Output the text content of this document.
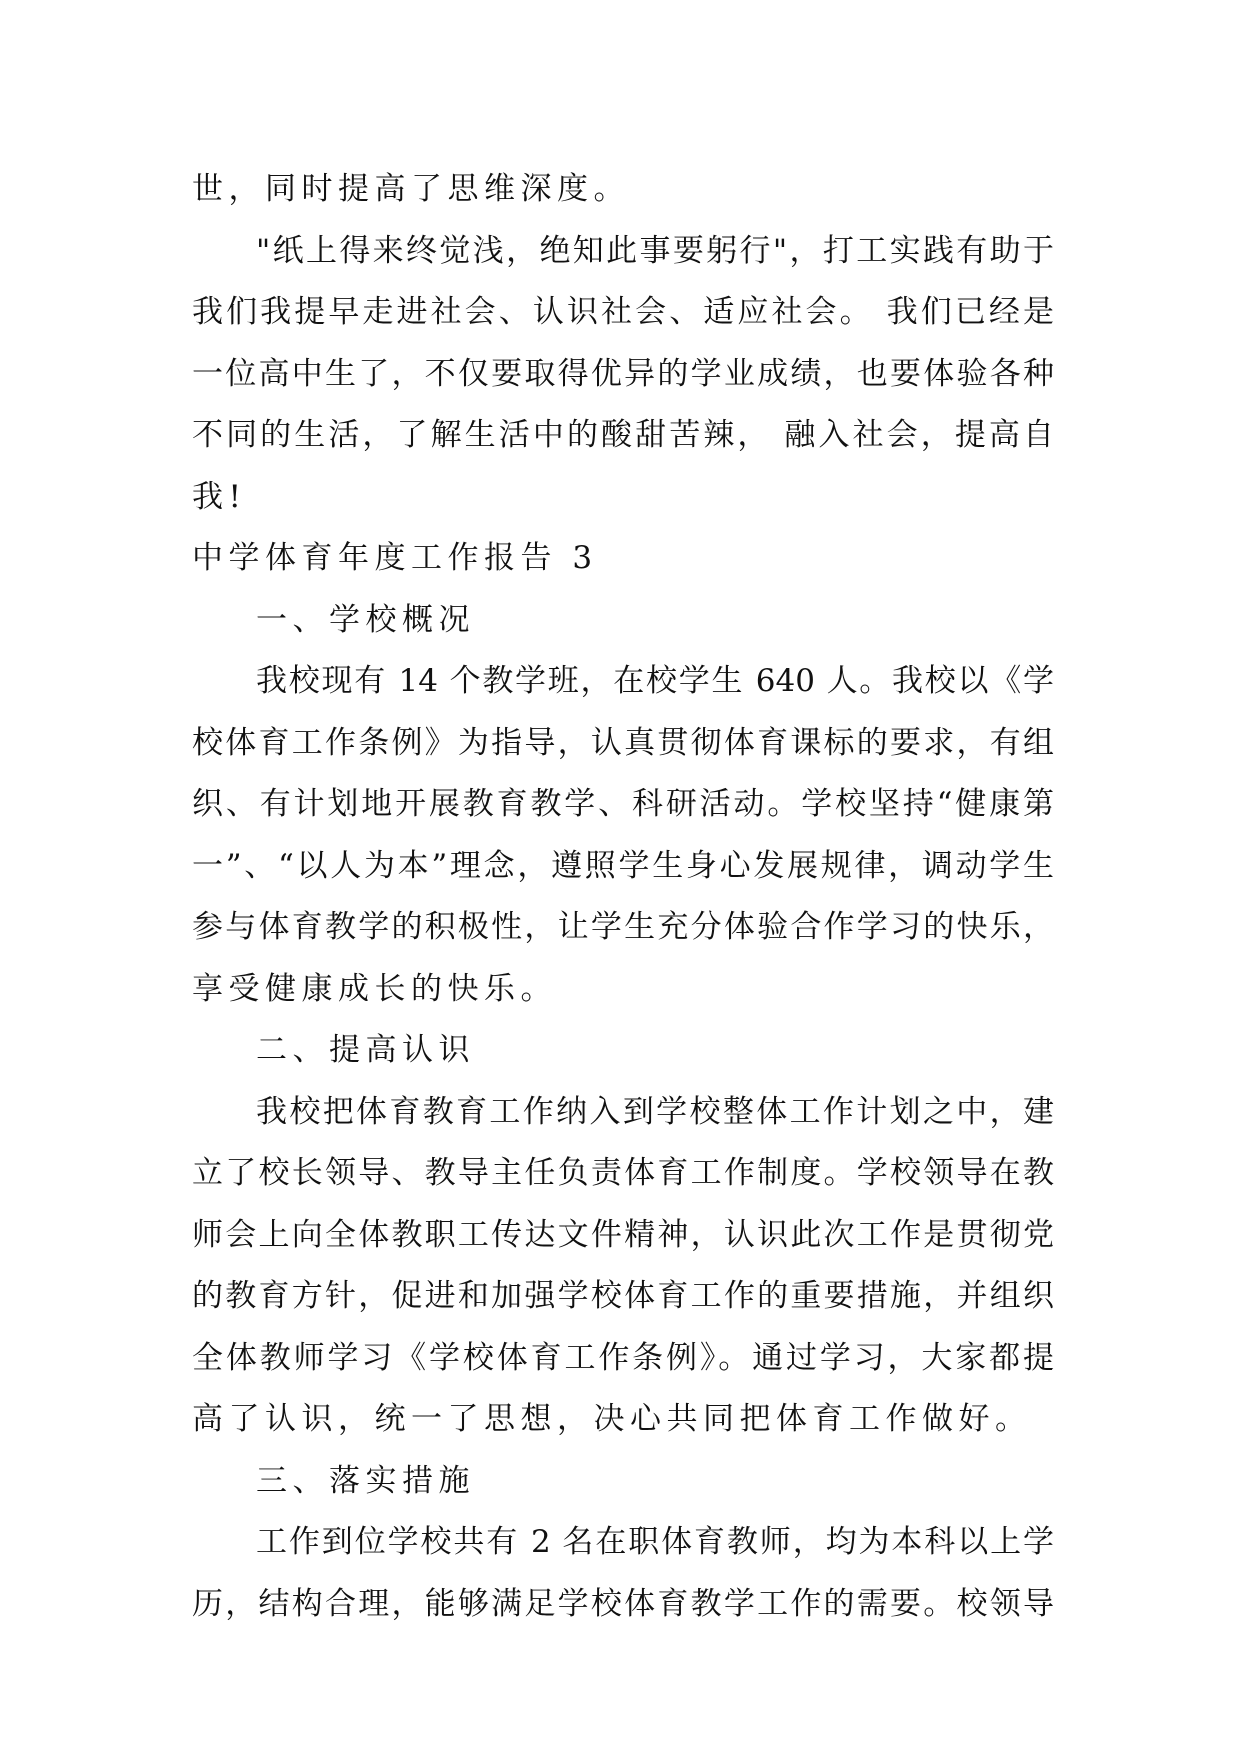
世，同时提高了思维深度。
"纸上得来终觉浅，绝知此事要躬行"，打工实践有助于
我们我提早走进社会、认识社会、适应社会。 我们已经是
一位高中生了，不仅要取得优异的学业成绩，也要体验各种
不同的生活，了解生活中的酸甜苦辣， 融入社会，提高自
我!
中学体育年度工作报告 3
一、学校概况
我校现有 14 个教学班，在校学生 640 人。我校以《学
校体育工作条例》为指导，认真贯彻体育课标的要求，有组
织、有计划地开展教育教学、科研活动。学校坚持“健康第
一”、“以人为本”理念，遵照学生身心发展规律，调动学生
参与体育教学的积极性，让学生充分体验合作学习的快乐，
享受健康成长的快乐。
二、提高认识
我校把体育教育工作纳入到学校整体工作计划之中，建
立了校长领导、教导主任负责体育工作制度。学校领导在教
师会上向全体教职工传达文件精神，认识此次工作是贯彻党
的教育方针，促进和加强学校体育工作的重要措施，并组织
全体教师学习《学校体育工作条例》。通过学习，大家都提
高了认识，统一了思想，决心共同把体育工作做好。
三、落实措施
工作到位学校共有 2 名在职体育教师，均为本科以上学
历，结构合理，能够满足学校体育教学工作的需要。校领导
